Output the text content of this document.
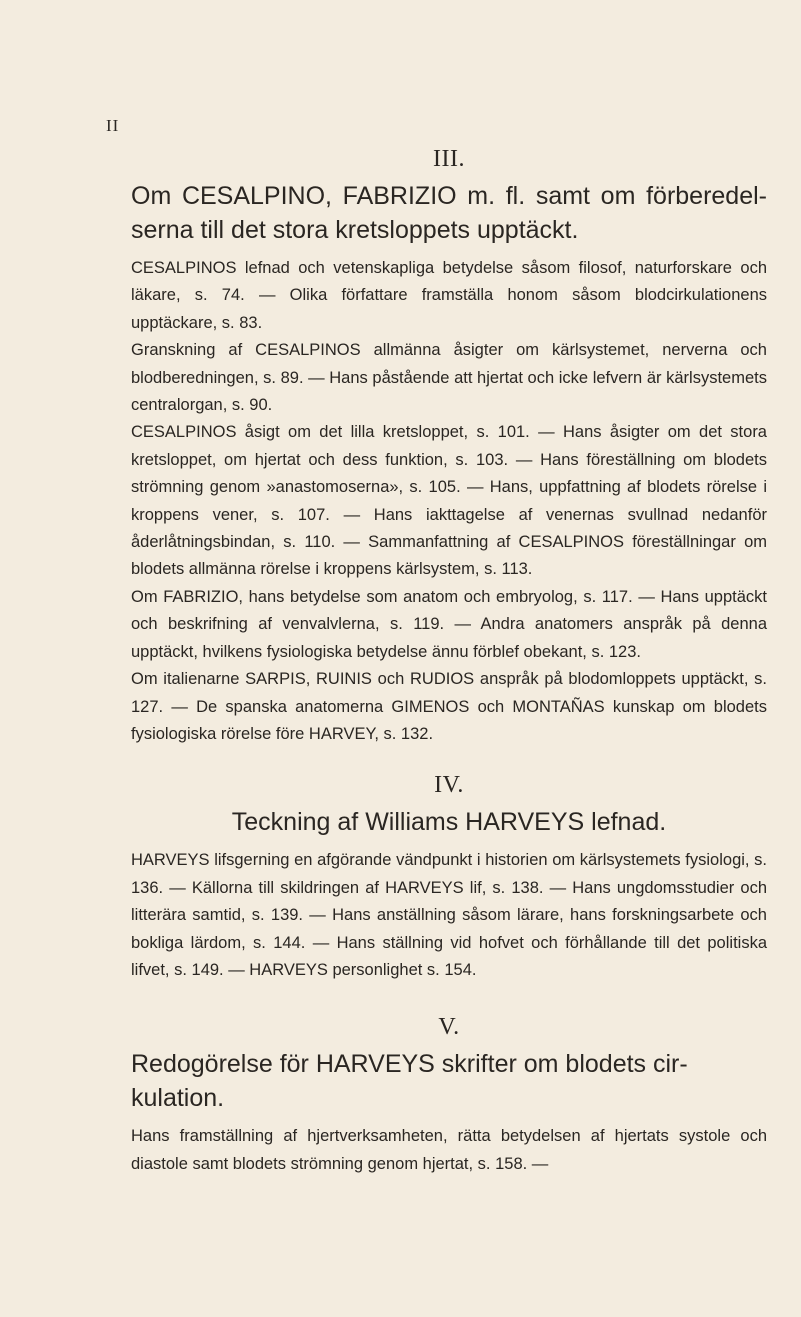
II
III.
Om CESALPINO, FABRIZIO m. fl. samt om förberedelserna till det stora kretsloppets upptäckt.

CESALPINOS lefnad och vetenskapliga betydelse såsom filosof, naturforskare och läkare, s. 74. — Olika författare framställa honom såsom blodcirkulationens upptäckare, s. 83.

Granskning af CESALPINOS allmänna åsigter om kärlsystemet, nerverna och blodberedningen, s. 89. — Hans påstående att hjertat och icke lefvern är kärlsystemets centralorgan, s. 90.

CESALPINOS åsigt om det lilla kretsloppet, s. 101. — Hans åsigter om det stora kretsloppet, om hjertat och dess funktion, s. 103. — Hans föreställning om blodets strömning genom »anastomoserna», s. 105. — Hans, uppfattning af blodets rörelse i kroppens vener, s. 107. — Hans iakttagelse af venernas svullnad nedanför åderlåtningsbindan, s. 110. — Sammanfattning af CESALPINOS föreställningar om blodets allmänna rörelse i kroppens kärlsystem, s. 113.

Om FABRIZIO, hans betydelse som anatom och embryolog, s. 117. — Hans upptäckt och beskrifning af venvalvlerna, s. 119. — Andra anatomers anspråk på denna upptäckt, hvilkens fysiologiska betydelse ännu förblef obekant, s. 123.

Om italienarne SARPIS, RUINIS och RUDIOS anspråk på blodomloppets upptäckt, s. 127. — De spanska anatomerna GIMENOS och MONTAÑAS kunskap om blodets fysiologiska rörelse före HARVEY, s. 132.

IV.
Teckning af Williams HARVEYS lefnad.

HARVEYS lifsgerning en afgörande vändpunkt i historien om kärlsystemets fysiologi, s. 136. — Källorna till skildringen af HARVEYS lif, s. 138. — Hans ungdomsstudier och litterära samtid, s. 139. — Hans anställning såsom lärare, hans forskningsarbete och bokliga lärdom, s. 144. — Hans ställning vid hofvet och förhållande till det politiska lifvet, s. 149. — HARVEYS personlighet s. 154.

V.
Redogörelse för HARVEYS skrifter om blodets cirkulation.

Hans framställning af hjertverksamheten, rätta betydelsen af hjertats systole och diastole samt blodets strömning genom hjertat, s. 158. —
